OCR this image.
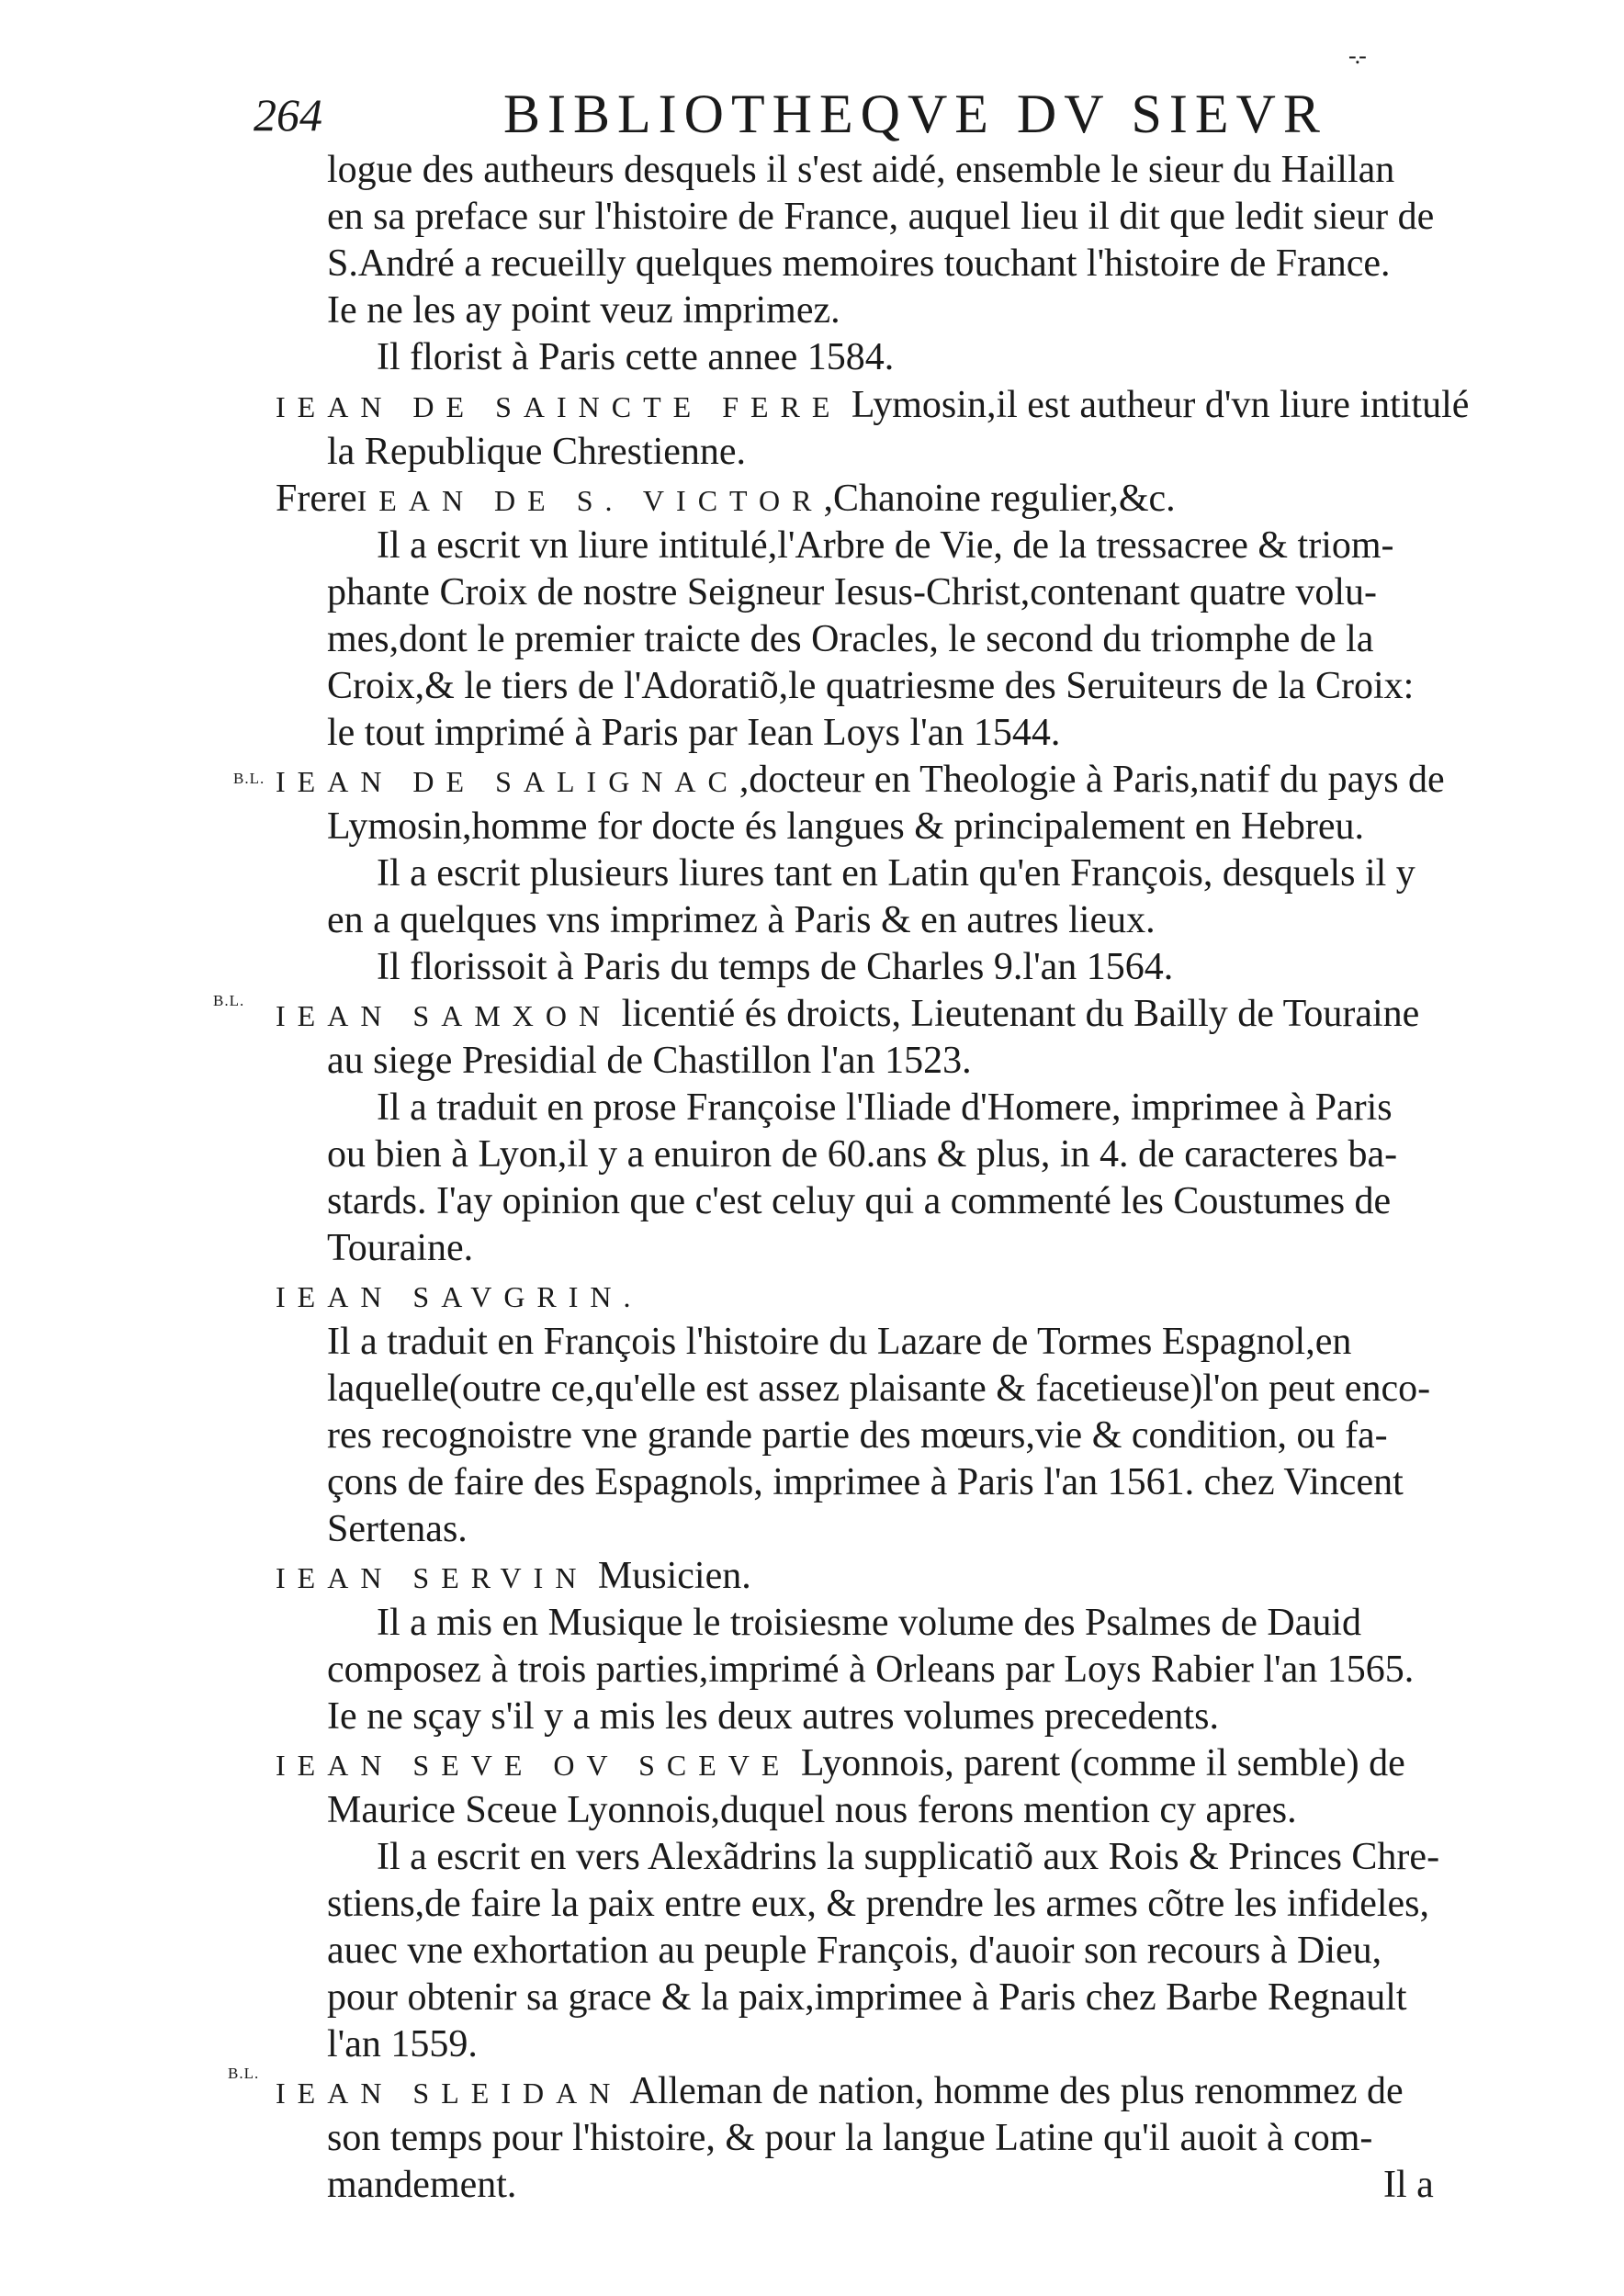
-.-
264	BIBLIOTHEQVE DV SIEVR
B.L.
B.L.
B.L.
logue des autheurs desquels il s'est aidé, ensemble le sieur du Haillan
en sa preface sur l'histoire de France, auquel lieu il dit que ledit sieur de
S.André a recueilly quelques memoires touchant l'histoire de France.
Ie ne les ay point veuz imprimez.
Il florist à Paris cette annee 1584.
IEAN DE SAINCTE FERE Lymosin,il est autheur d'vn liure intitulé
la Republique Chrestienne.
FrereIEAN DE S. VICTOR,Chanoine regulier,&c.
Il a escrit vn liure intitulé,l'Arbre de Vie, de la tressacree & triom-
phante Croix de nostre Seigneur Iesus-Christ,contenant quatre volu-
mes,dont le premier traicte des Oracles, le second du triomphe de la
Croix,& le tiers de l'Adoratiõ,le quatriesme des Seruiteurs de la Croix:
le tout imprimé à Paris par Iean Loys l'an 1544.
IEAN DE SALIGNAC,docteur en Theologie à Paris,natif du pays de
Lymosin,homme for docte és langues & principalement en Hebreu.
Il a escrit plusieurs liures tant en Latin qu'en François, desquels il y
en a quelques vns imprimez à Paris & en autres lieux.
Il florissoit à Paris du temps de Charles 9.l'an 1564.
IEAN SAMXON licentié és droicts, Lieutenant du Bailly de Touraine
au siege Presidial de Chastillon l'an 1523.
Il a traduit en prose Françoise l'Iliade d'Homere, imprimee à Paris
ou bien à Lyon,il y a enuiron de 60.ans & plus, in 4. de caracteres ba-
stards. I'ay opinion que c'est celuy qui a commenté les Coustumes de
Touraine.
IEAN SAVGRIN.
Il a traduit en François l'histoire du Lazare de Tormes Espagnol,en
laquelle(outre ce,qu'elle est assez plaisante & facetieuse)l'on peut enco-
res recognoistre vne grande partie des mœurs,vie & condition, ou fa-
çons de faire des Espagnols, imprimee à Paris l'an 1561. chez Vincent
Sertenas.
IEAN SERVIN Musicien.
Il a mis en Musique le troisiesme volume des Psalmes de Dauid
composez à trois parties,imprimé à Orleans par Loys Rabier l'an 1565.
Ie ne sçay s'il y a mis les deux autres volumes precedents.
IEAN SEVE OV SCEVE Lyonnois, parent (comme il semble) de
Maurice Sceue Lyonnois,duquel nous ferons mention cy apres.
Il a escrit en vers Alexãdrins la supplicatiõ aux Rois & Princes Chre-
stiens,de faire la paix entre eux, & prendre les armes cõtre les infideles,
auec vne exhortation au peuple François, d'auoir son recours à Dieu,
pour obtenir sa grace & la paix,imprimee à Paris chez Barbe Regnault
l'an 1559.
IEAN SLEIDAN Alleman de nation, homme des plus renommez de
son temps pour l'histoire, & pour la langue Latine qu'il auoit à com-
mandement.	Il a
